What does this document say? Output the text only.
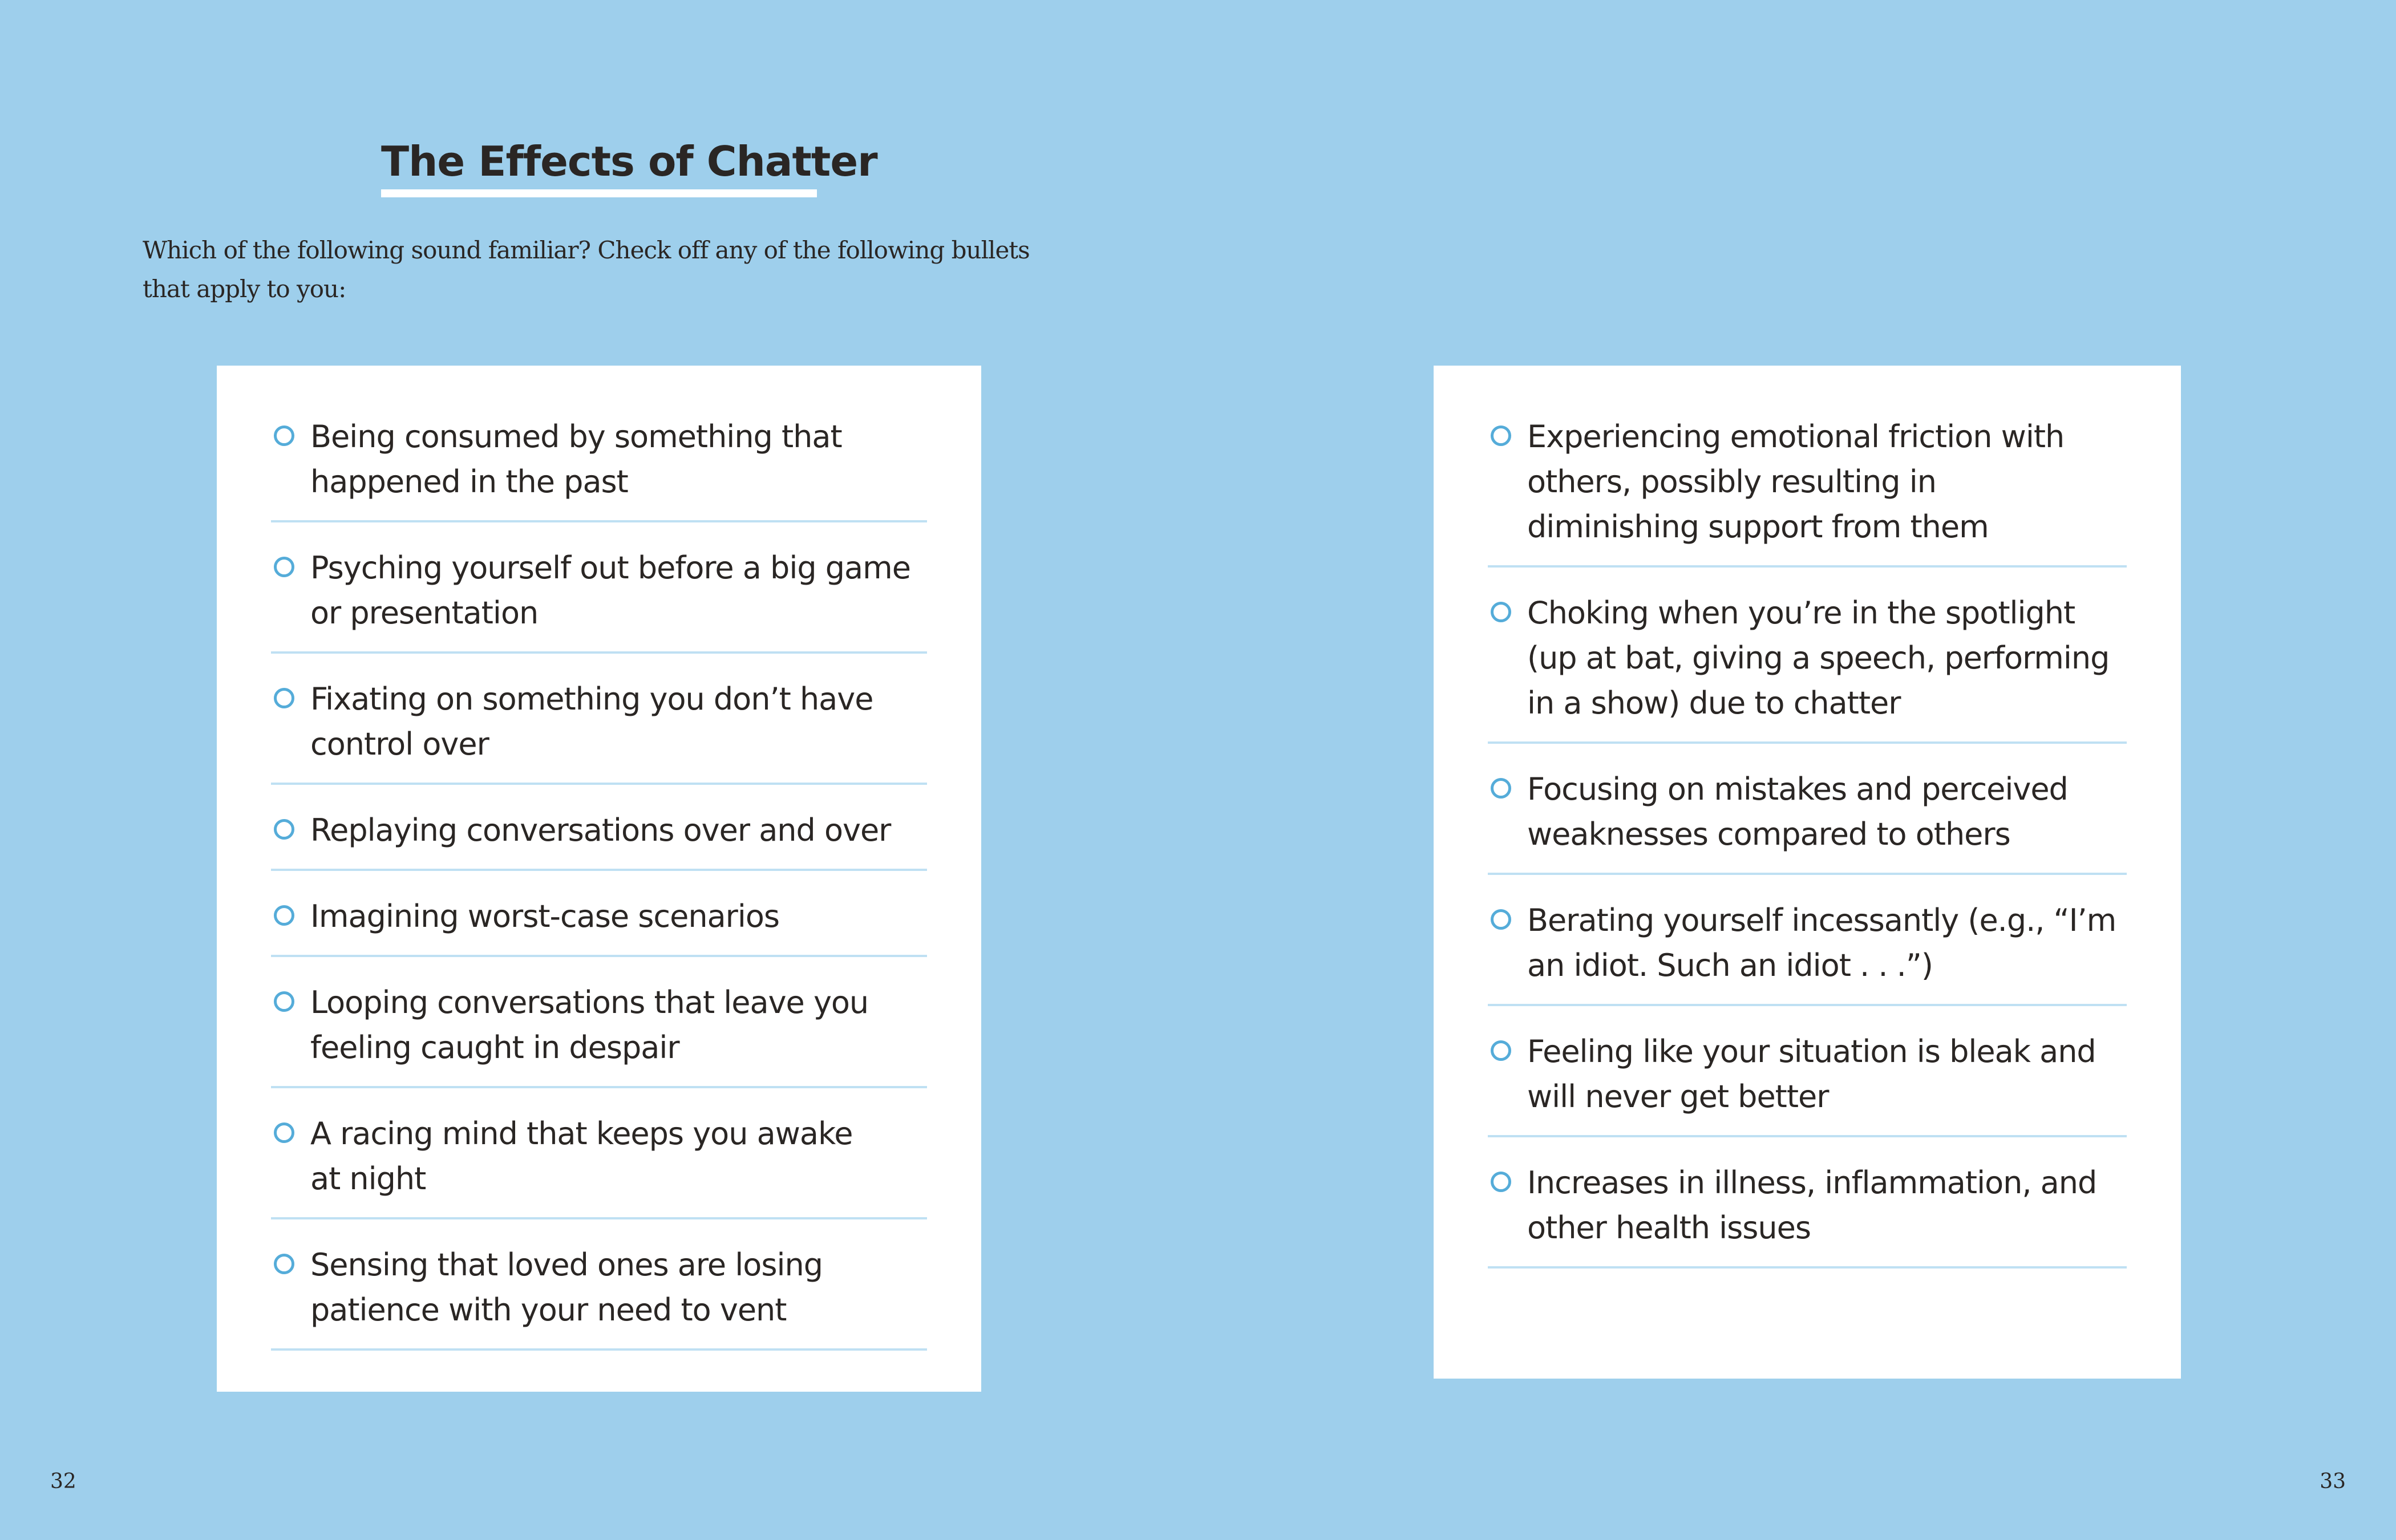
The Effects of Chatter

Which of the following sound familiar? Check off any of the following bullets that apply to you:

Being consumed by something that happened in the past
Psyching yourself out before a big game or presentation
Fixating on something you don’t have control over
Replaying conversations over and over
Imagining worst-case scenarios
Looping conversations that leave you feeling caught in despair
A racing mind that keeps you awake at night
Sensing that loved ones are losing patience with your need to vent
Experiencing emotional friction with others, possibly resulting in diminishing support from them
Choking when you’re in the spotlight (up at bat, giving a speech, performing in a show) due to chatter
Focusing on mistakes and perceived weaknesses compared to others
Berating yourself incessantly (e.g., “I’m an idiot. Such an idiot . . .”)
Feeling like your situation is bleak and will never get better
Increases in illness, inflammation, and other health issues
32	33
